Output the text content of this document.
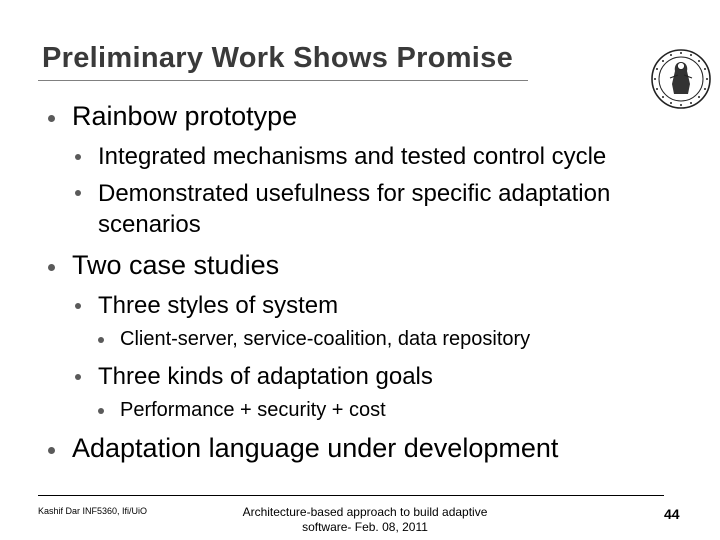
Preliminary Work Shows Promise
Rainbow prototype
Integrated mechanisms and tested control cycle
Demonstrated usefulness for specific adaptation
scenarios
Two case studies
Three styles of system
Client-server, service-coalition, data repository
Three kinds of adaptation goals
Performance + security + cost
Adaptation language under development
Kashif Dar INF5360, Ifi/UiO	Architecture-based approach to build adaptive
software- Feb. 08, 2011
44
